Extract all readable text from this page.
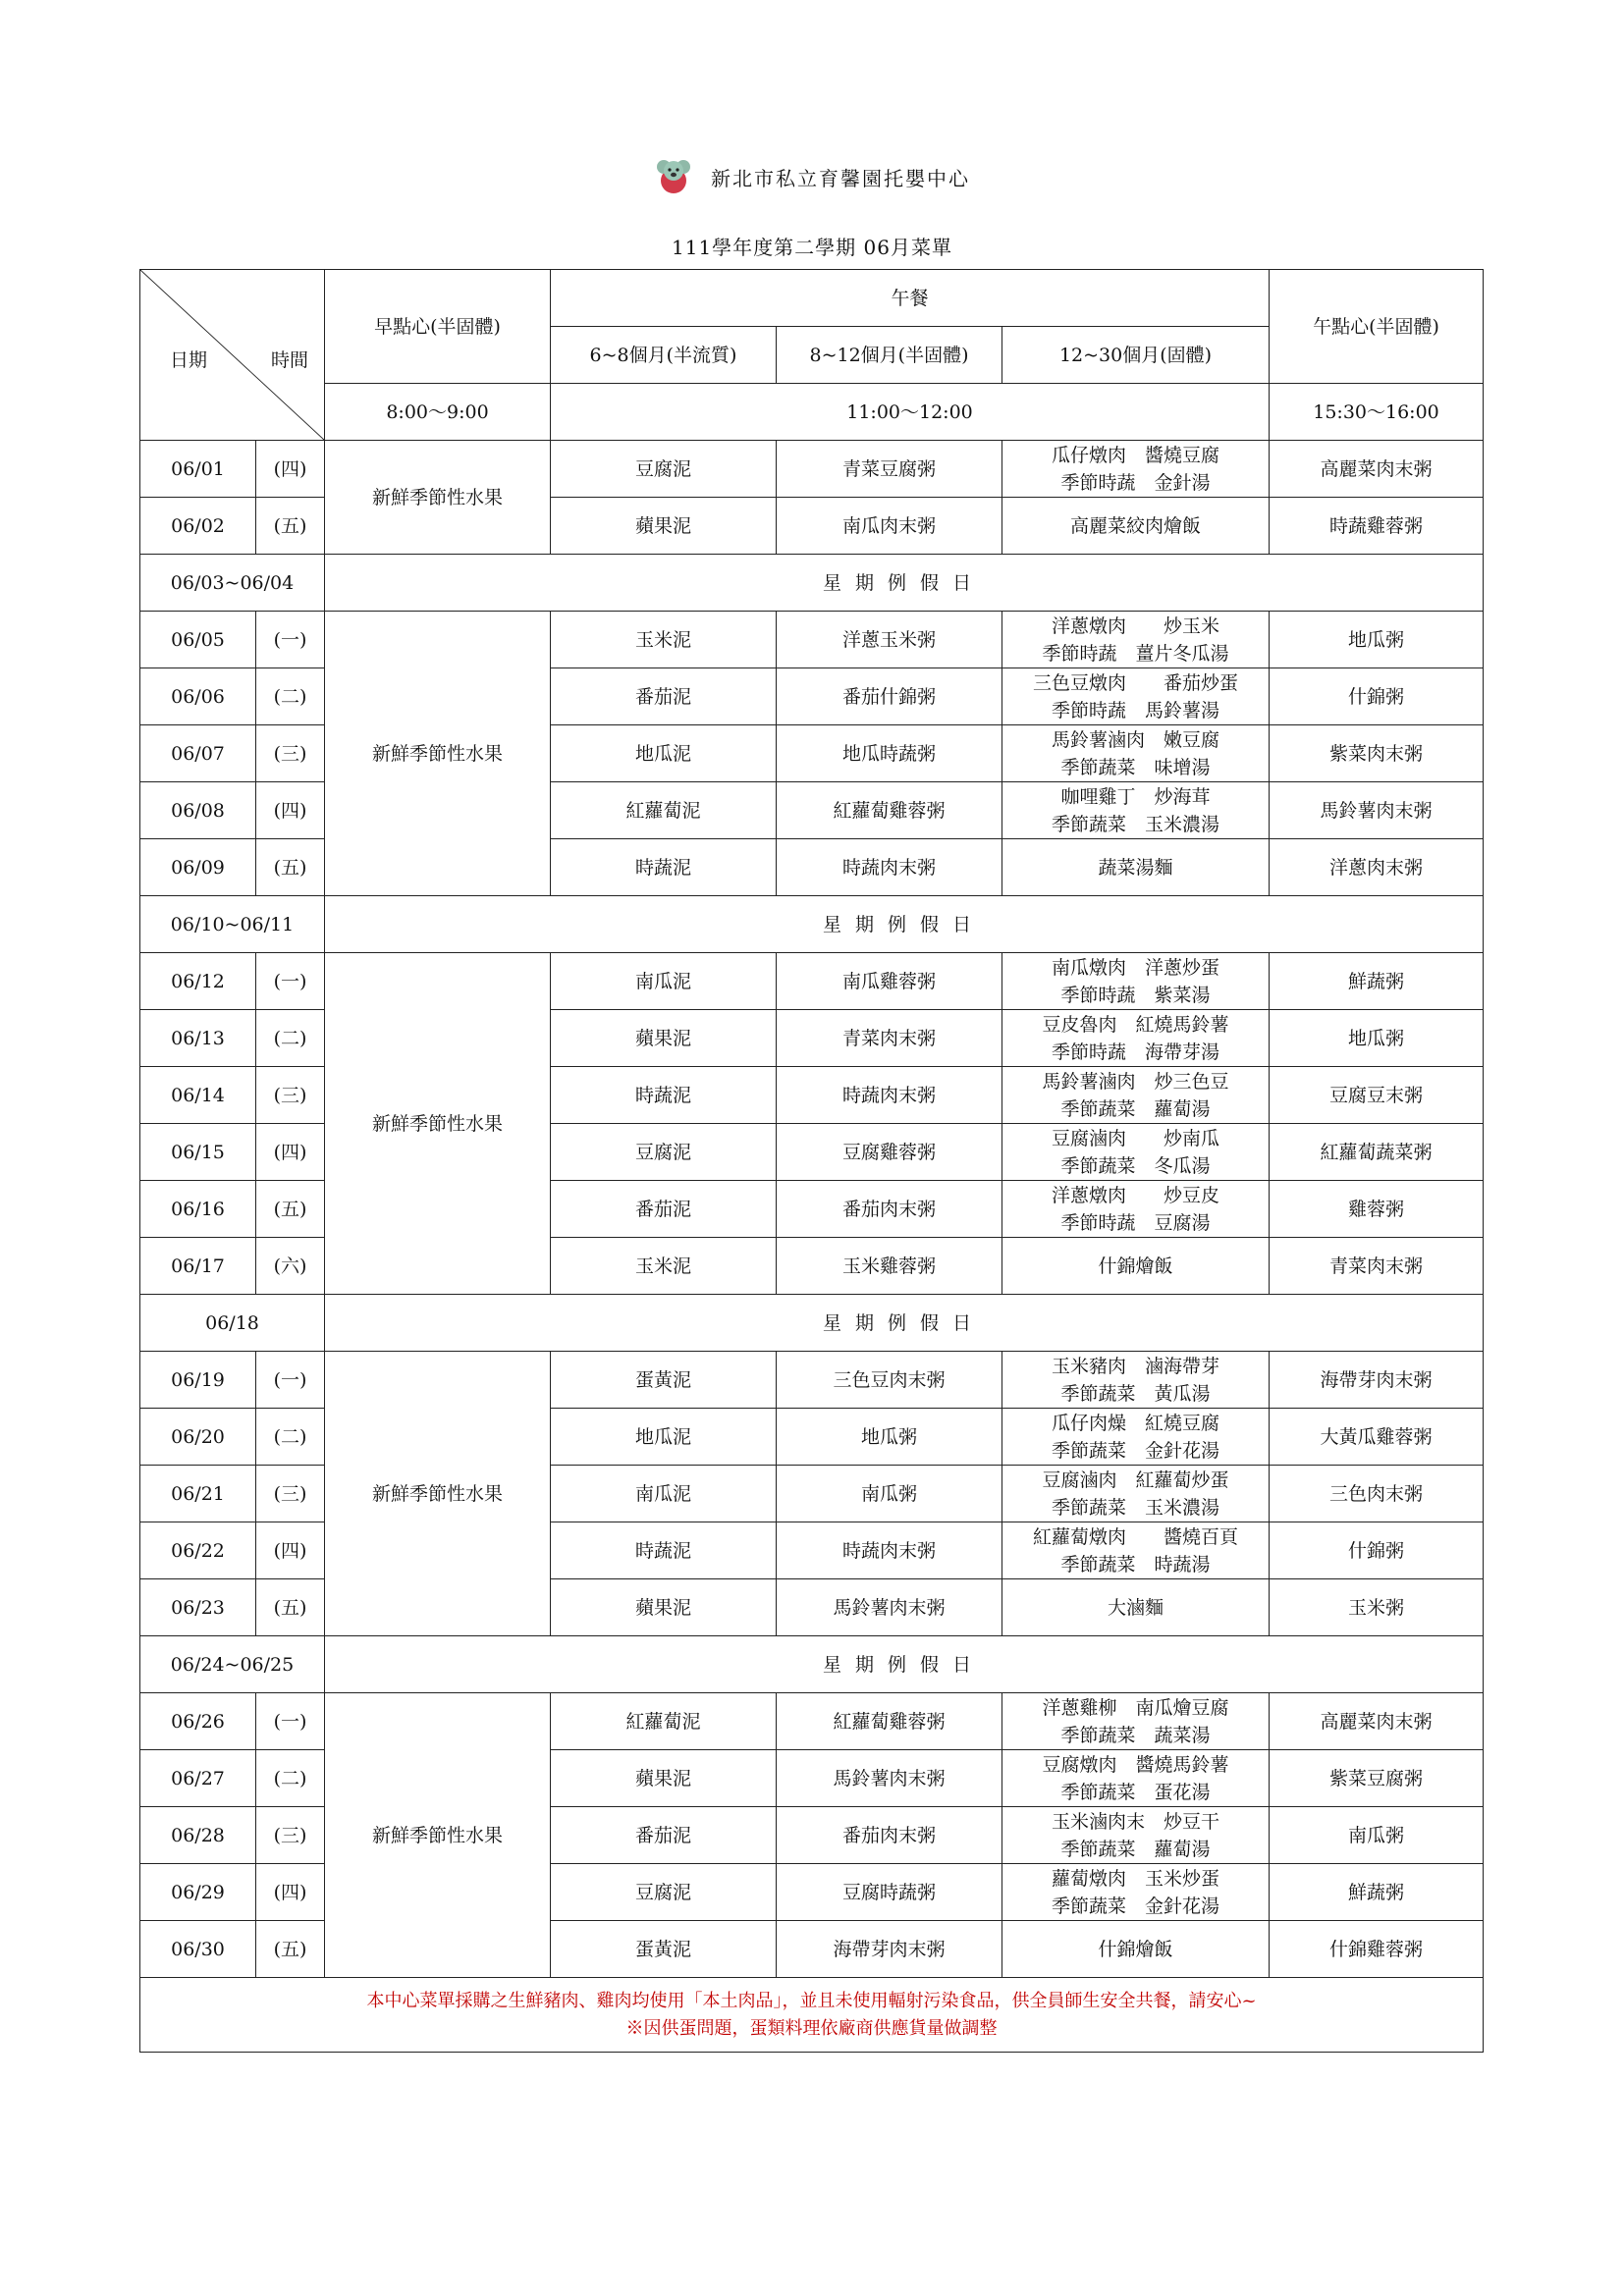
新北市私立育馨園托嬰中心
111學年度第二學期 06月菜單
日期 時間		早點心(半固體)	午餐			午點心(半固體)
			6~8個月(半流質)	8~12個月(半固體)	12~30個月(固體)	
		8:00～9:00	11:00～12:00			15:30～16:00
06/01	(四)	新鮮季節性水果	豆腐泥	青菜豆腐粥	瓜仔燉肉　醬燒豆腐
季節時蔬　金針湯	高麗菜肉末粥
06/02	(五)		蘋果泥	南瓜肉末粥	高麗菜絞肉燴飯	時蔬雞蓉粥
06/03~06/04		星期例假日				
06/05	(一)	新鮮季節性水果	玉米泥	洋蔥玉米粥	洋蔥燉肉　　炒玉米
季節時蔬　薑片冬瓜湯	地瓜粥
06/06	(二)		番茄泥	番茄什錦粥	三色豆燉肉　　番茄炒蛋
季節時蔬　馬鈴薯湯	什錦粥
06/07	(三)		地瓜泥	地瓜時蔬粥	馬鈴薯滷肉　嫩豆腐
季節蔬菜　味增湯	紫菜肉末粥
06/08	(四)		紅蘿蔔泥	紅蘿蔔雞蓉粥	咖哩雞丁　炒海茸
季節蔬菜　玉米濃湯	馬鈴薯肉末粥
06/09	(五)		時蔬泥	時蔬肉末粥	蔬菜湯麵	洋蔥肉末粥
06/10~06/11		星期例假日				
06/12	(一)	新鮮季節性水果	南瓜泥	南瓜雞蓉粥	南瓜燉肉　洋蔥炒蛋
季節時蔬　紫菜湯	鮮蔬粥
06/13	(二)		蘋果泥	青菜肉末粥	豆皮魯肉　紅燒馬鈴薯
季節時蔬　海帶芽湯	地瓜粥
06/14	(三)		時蔬泥	時蔬肉末粥	馬鈴薯滷肉　炒三色豆
季節蔬菜　蘿蔔湯	豆腐豆末粥
06/15	(四)		豆腐泥	豆腐雞蓉粥	豆腐滷肉　　炒南瓜
季節蔬菜　冬瓜湯	紅蘿蔔蔬菜粥
06/16	(五)		番茄泥	番茄肉末粥	洋蔥燉肉　　炒豆皮
季節時蔬　豆腐湯	雞蓉粥
06/17	(六)		玉米泥	玉米雞蓉粥	什錦燴飯	青菜肉末粥
06/18		星期例假日				
06/19	(一)	新鮮季節性水果	蛋黃泥	三色豆肉末粥	玉米豬肉　滷海帶芽
季節蔬菜　黃瓜湯	海帶芽肉末粥
06/20	(二)		地瓜泥	地瓜粥	瓜仔肉燥　紅燒豆腐
季節蔬菜　金針花湯	大黃瓜雞蓉粥
06/21	(三)		南瓜泥	南瓜粥	豆腐滷肉　紅蘿蔔炒蛋
季節蔬菜　玉米濃湯	三色肉末粥
06/22	(四)		時蔬泥	時蔬肉末粥	紅蘿蔔燉肉　　醬燒百頁
季節蔬菜　時蔬湯	什錦粥
06/23	(五)		蘋果泥	馬鈴薯肉末粥	大滷麵	玉米粥
06/24~06/25		星期例假日				
06/26	(一)	新鮮季節性水果	紅蘿蔔泥	紅蘿蔔雞蓉粥	洋蔥雞柳　南瓜燴豆腐
季節蔬菜　蔬菜湯	高麗菜肉末粥
06/27	(二)		蘋果泥	馬鈴薯肉末粥	豆腐燉肉　醬燒馬鈴薯
季節蔬菜　蛋花湯	紫菜豆腐粥
06/28	(三)		番茄泥	番茄肉末粥	玉米滷肉末　炒豆干
季節蔬菜　蘿蔔湯	南瓜粥
06/29	(四)		豆腐泥	豆腐時蔬粥	蘿蔔燉肉　玉米炒蛋
季節蔬菜　金針花湯	鮮蔬粥
06/30	(五)		蛋黃泥	海帶芽肉末粥	什錦燴飯	什錦雞蓉粥

本中心菜單採購之生鮮豬肉、雞肉均使用「本土肉品」，並且未使用輻射污染食品，供全員師生安全共餐，請安心~
※因供蛋問題，蛋類料理依廠商供應貨量做調整						
